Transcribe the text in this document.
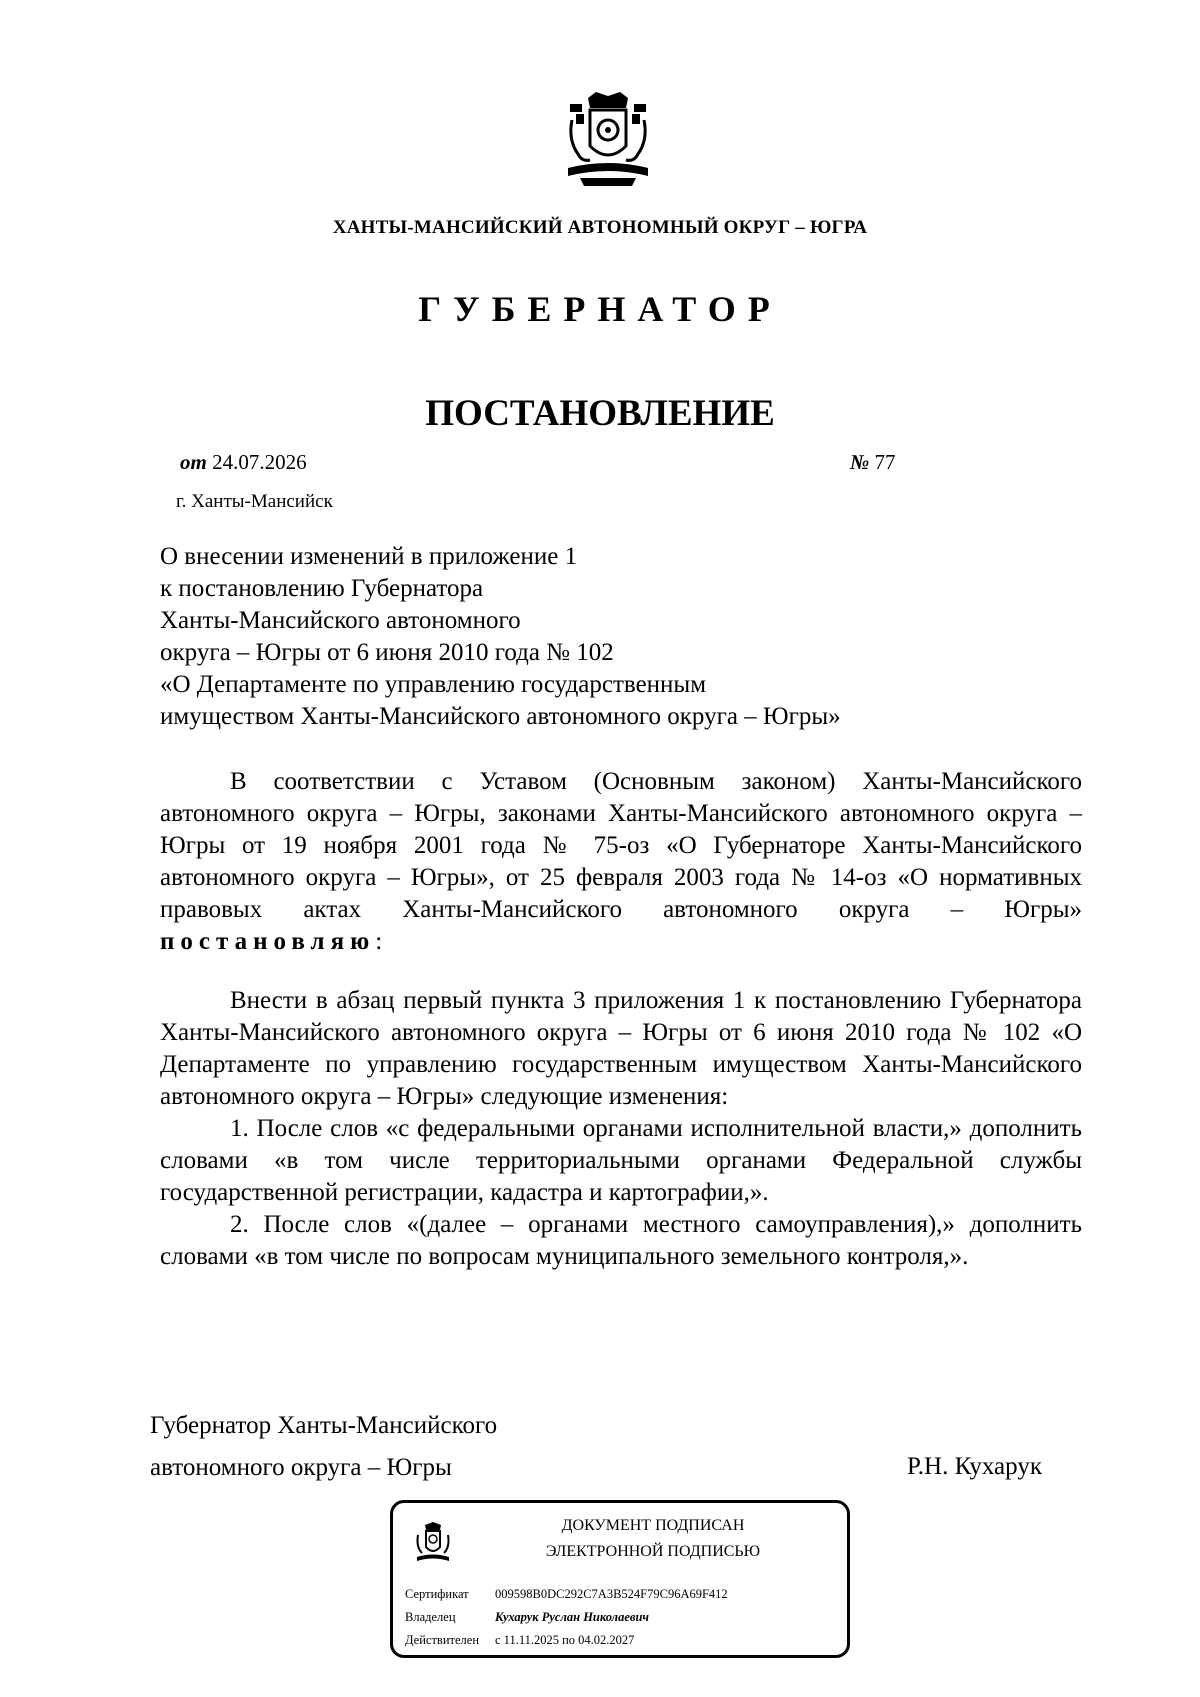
ХАНТЫ-МАНСИЙСКИЙ АВТОНОМНЫЙ ОКРУГ – ЮГРА
ГУБЕРНАТОР
ПОСТАНОВЛЕНИЕ
от 24.07.2026	№ 77
г. Ханты-Мансийск
О внесении изменений в приложение 1
к постановлению Губернатора
Ханты-Мансийского автономного
округа – Югры от 6 июня 2010 года № 102
«О Департаменте по управлению государственным
имуществом Ханты-Мансийского автономного округа – Югры»

В соответствии с Уставом (Основным законом) Ханты-Мансийского автономного округа – Югры, законами Ханты-Мансийского автономного округа – Югры от 19 ноября 2001 года № 75-оз «О Губернаторе Ханты-Мансийского автономного округа – Югры», от 25 февраля 2003 года № 14-оз «О нормативных правовых актах Ханты-Мансийского автономного округа – Югры» постановляю:

Внести в абзац первый пункта 3 приложения 1 к постановлению Губернатора Ханты-Мансийского автономного округа – Югры от 6 июня 2010 года № 102 «О Департаменте по управлению государственным имуществом Ханты-Мансийского автономного округа – Югры» следующие изменения:

1. После слов «с федеральными органами исполнительной власти,» дополнить словами «в том числе территориальными органами Федеральной службы государственной регистрации, кадастра и картографии,».

2. После слов «(далее – органами местного самоуправления),» дополнить словами «в том числе по вопросам муниципального земельного контроля,».

Губернатор Ханты-Мансийского
автономного округа – Югры	Р.Н. Кухарук
ДОКУМЕНТ ПОДПИСАН
ЭЛЕКТРОННОЙ ПОДПИСЬЮ
Сертификат 009598B0DC292C7A3B524F79C96A69F412
Владелец	Кухарук Руслан Николаевич
Действителен с 11.11.2025 по 04.02.2027
